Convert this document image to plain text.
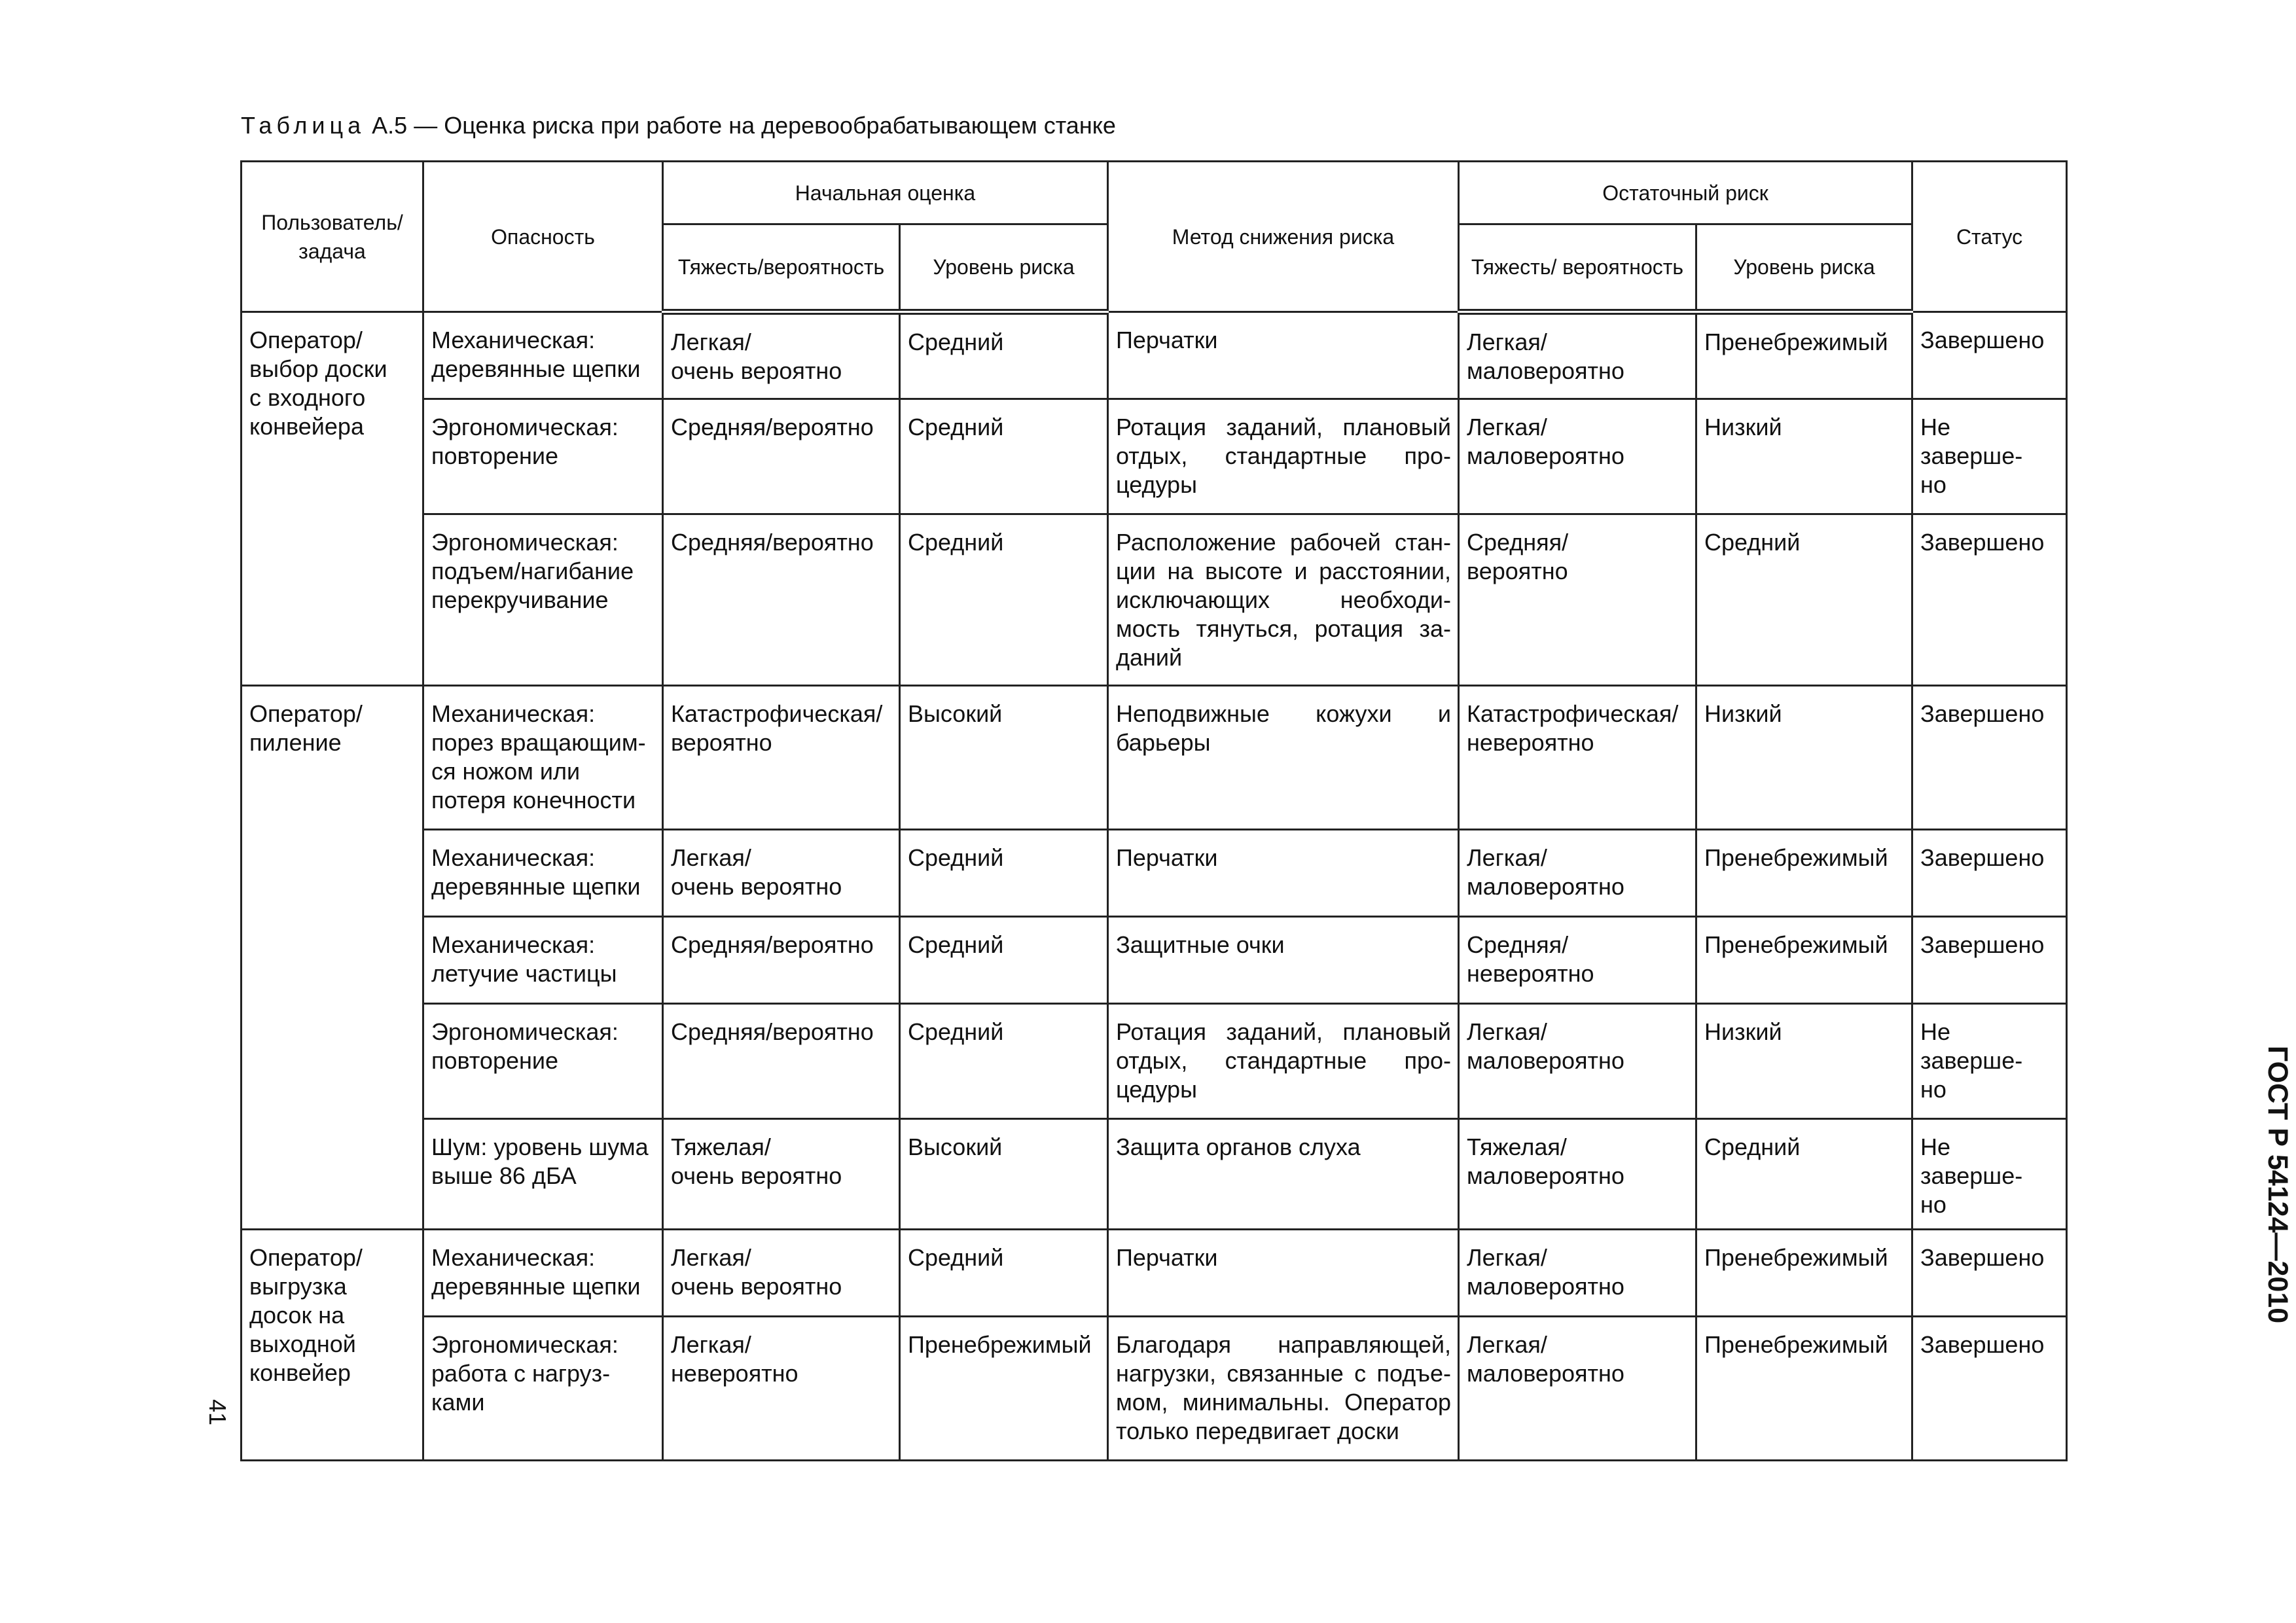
Таблица А.5 — Оценка риска при работе на деревообрабатывающем станке
Пользователь/ задача	Опасность	Начальная оценка		Метод снижения риска	Остаточный риск		Статус
		Тяжесть/вероятность	Уровень риска		Тяжесть/ вероятность	Уровень риска	

Оператор/
выбор доски
с входного
конвейера	Механическая:
деревянные щепки	Легкая/
очень вероятно	Средний	Перчатки	Легкая/
маловероятно	Пренебрежимый	Завершено

	Эргономическая:
повторение	Средняя/вероятно	Средний	Ротация заданий, плановый отдых, стандартные про-цедуры	Легкая/
маловероятно	Низкий	Не заверше-
но

	Эргономическая:
подъем/нагибание
перекручивание	Средняя/вероятно	Средний	Расположение рабочей стан-ции на высоте и расстоянии, исключающих необходи-мость тянуться, ротация за-даний	Средняя/
вероятно	Средний	Завершено

Оператор/
пиление	Механическая:
порез вращающим-
ся ножом или
потеря конечности	Катастрофическая/
вероятно	Высокий	Неподвижные кожухи и барьеры	Катастрофическая/
невероятно	Низкий	Завершено

	Механическая:
деревянные щепки	Легкая/
очень вероятно	Средний	Перчатки	Легкая/
маловероятно	Пренебрежимый	Завершено

	Механическая:
летучие частицы	Средняя/вероятно	Средний	Защитные очки	Средняя/
невероятно	Пренебрежимый	Завершено

	Эргономическая:
повторение	Средняя/вероятно	Средний	Ротация заданий, плановый отдых, стандартные про-цедуры	Легкая/
маловероятно	Низкий	Не заверше-
но

	Шум: уровень шума
выше 86 дБА	Тяжелая/
очень вероятно	Высокий	Защита органов слуха	Тяжелая/
маловероятно	Средний	Не заверше-
но

Оператор/
выгрузка
досок на
выходной
конвейер	Механическая:
деревянные щепки	Легкая/
очень вероятно	Средний	Перчатки	Легкая/
маловероятно	Пренебрежимый	Завершено

	Эргономическая:
работа с нагруз-
ками	Легкая/
невероятно	Пренебрежимый	Благодаря направляющей, нагрузки, связанные с подъе-мом, минимальны. Оператор только передвигает доски	Легкая/
маловероятно	Пренебрежимый	Завершено
41
ГОСТ Р 54124—2010
